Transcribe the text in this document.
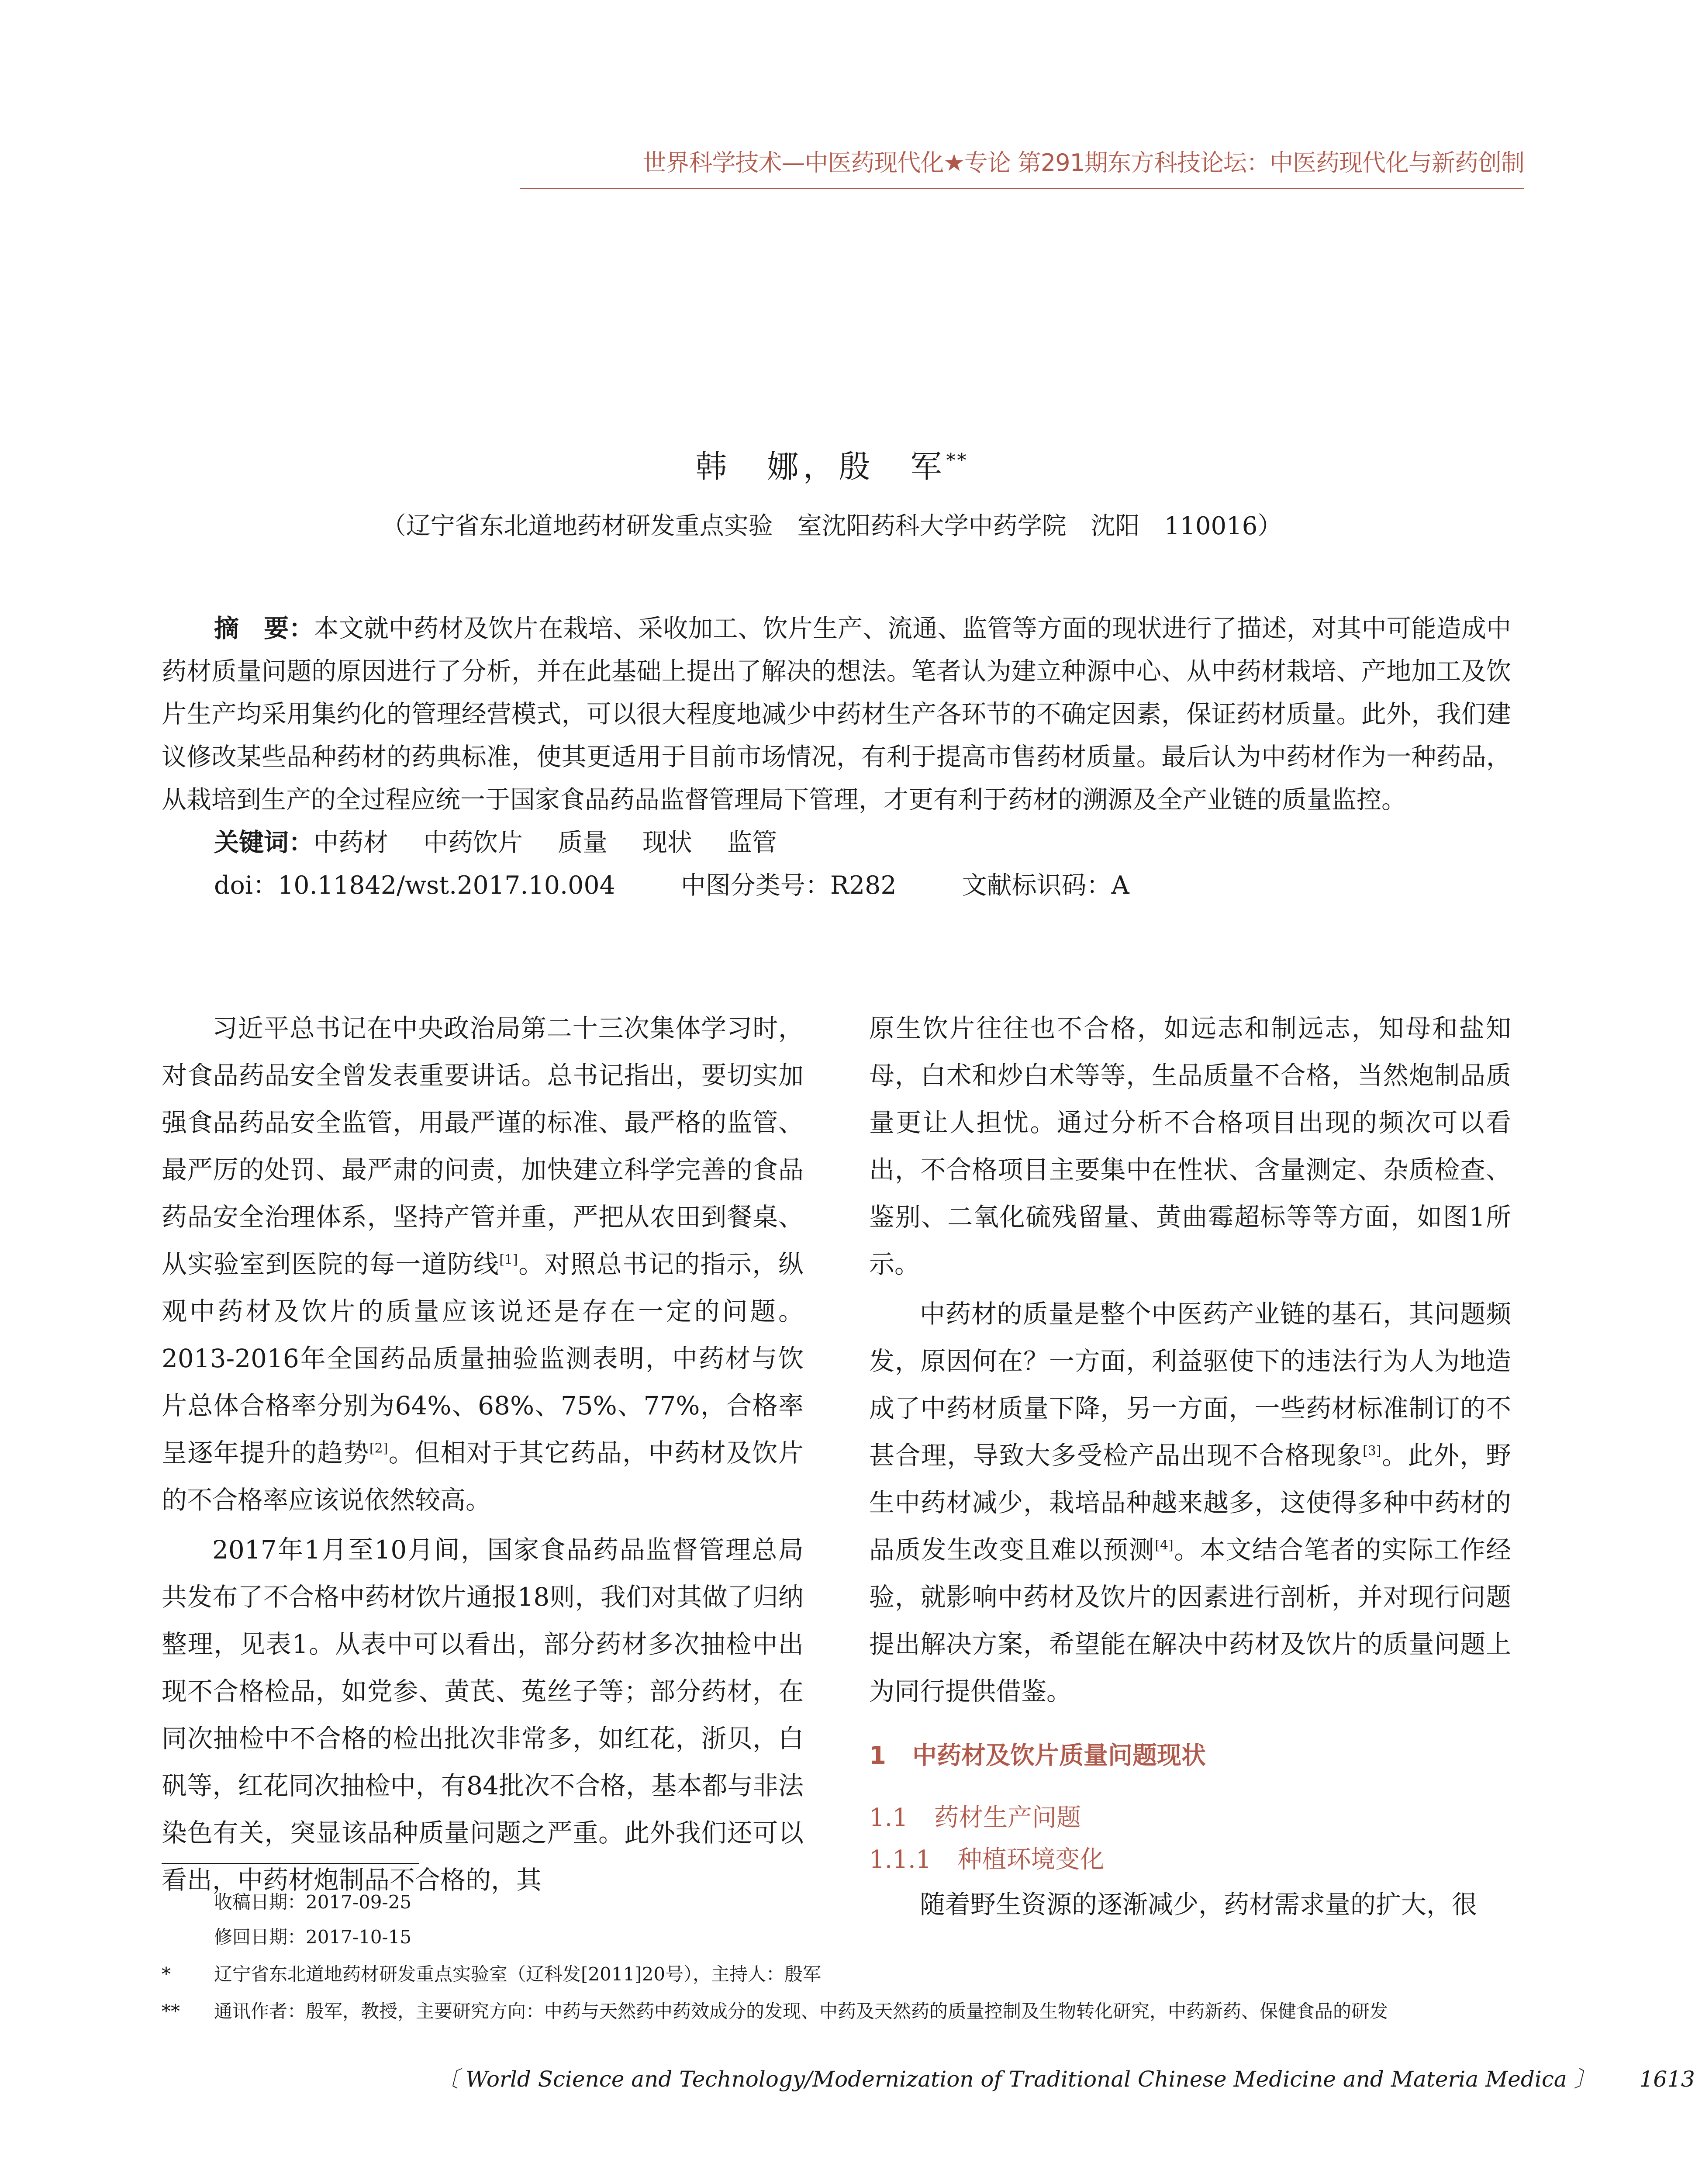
世界科学技术—中医药现代化★专论 第291期东方科技论坛：中医药现代化与新药创制
韩　娜，殷　军**
（辽宁省东北道地药材研发重点实验　室沈阳药科大学中药学院　沈阳　110016）

摘　要：本文就中药材及饮片在栽培、采收加工、饮片生产、流通、监管等方面的现状进行了描述，对其中可能造成中药材质量问题的原因进行了分析，并在此基础上提出了解决的想法。笔者认为建立种源中心、从中药材栽培、产地加工及饮片生产均采用集约化的管理经营模式，可以很大程度地减少中药材生产各环节的不确定因素，保证药材质量。此外，我们建议修改某些品种药材的药典标准，使其更适用于目前市场情况，有利于提高市售药材质量。最后认为中药材作为一种药品，从栽培到生产的全过程应统一于国家食品药品监督管理局下管理，才更有利于药材的溯源及全产业链的质量监控。

关键词：中药材 中药饮片 质量 现状 监管

doi：10.11842/wst.2017.10.004	中图分类号：R282	文献标识码：A

习近平总书记在中央政治局第二十三次集体学习时，对食品药品安全曾发表重要讲话。总书记指出，要切实加强食品药品安全监管，用最严谨的标准、最严格的监管、最严厉的处罚、最严肃的问责，加快建立科学完善的食品药品安全治理体系，坚持产管并重，严把从农田到餐桌、从实验室到医院的每一道防线[1]。对照总书记的指示，纵观中药材及饮片的质量应该说还是存在一定的问题。2013-2016年全国药品质量抽验监测表明，中药材与饮片总体合格率分别为64%、68%、75%、77%，合格率呈逐年提升的趋势[2]。但相对于其它药品，中药材及饮片的不合格率应该说依然较高。

2017年1月至10月间，国家食品药品监督管理总局共发布了不合格中药材饮片通报18则，我们对其做了归纳整理，见表1。从表中可以看出，部分药材多次抽检中出现不合格检品，如党参、黄芪、菟丝子等；部分药材，在同次抽检中不合格的检出批次非常多，如红花，浙贝，白矾等，红花同次抽检中，有84批次不合格，基本都与非法染色有关，突显该品种质量问题之严重。此外我们还可以看出，中药材炮制品不合格的，其

原生饮片往往也不合格，如远志和制远志，知母和盐知母，白术和炒白术等等，生品质量不合格，当然炮制品质量更让人担忧。通过分析不合格项目出现的频次可以看出，不合格项目主要集中在性状、含量测定、杂质检查、鉴别、二氧化硫残留量、黄曲霉超标等等方面，如图1所示。

中药材的质量是整个中医药产业链的基石，其问题频发，原因何在？一方面，利益驱使下的违法行为人为地造成了中药材质量下降，另一方面，一些药材标准制订的不甚合理，导致大多受检产品出现不合格现象[3]。此外，野生中药材减少，栽培品种越来越多，这使得多种中药材的品质发生改变且难以预测[4]。本文结合笔者的实际工作经验，就影响中药材及饮片的因素进行剖析，并对现行问题提出解决方案，希望能在解决中药材及饮片的质量问题上为同行提供借鉴。

1 中药材及饮片质量问题现状
1.1 药材生产问题
1.1.1 种植环境变化

随着野生资源的逐渐减少，药材需求量的扩大，很

收稿日期：2017-09-25
修回日期：2017-10-15
* 辽宁省东北道地药材研发重点实验室（辽科发[2011]20号），主持人：殷军
** 通讯作者：殷军，教授，主要研究方向：中药与天然药中药效成分的发现、中药及天然药的质量控制及生物转化研究，中药新药、保健食品的研发
〔 World Science and Technology/Modernization of Traditional Chinese Medicine and Materia Medica 〕 1613
